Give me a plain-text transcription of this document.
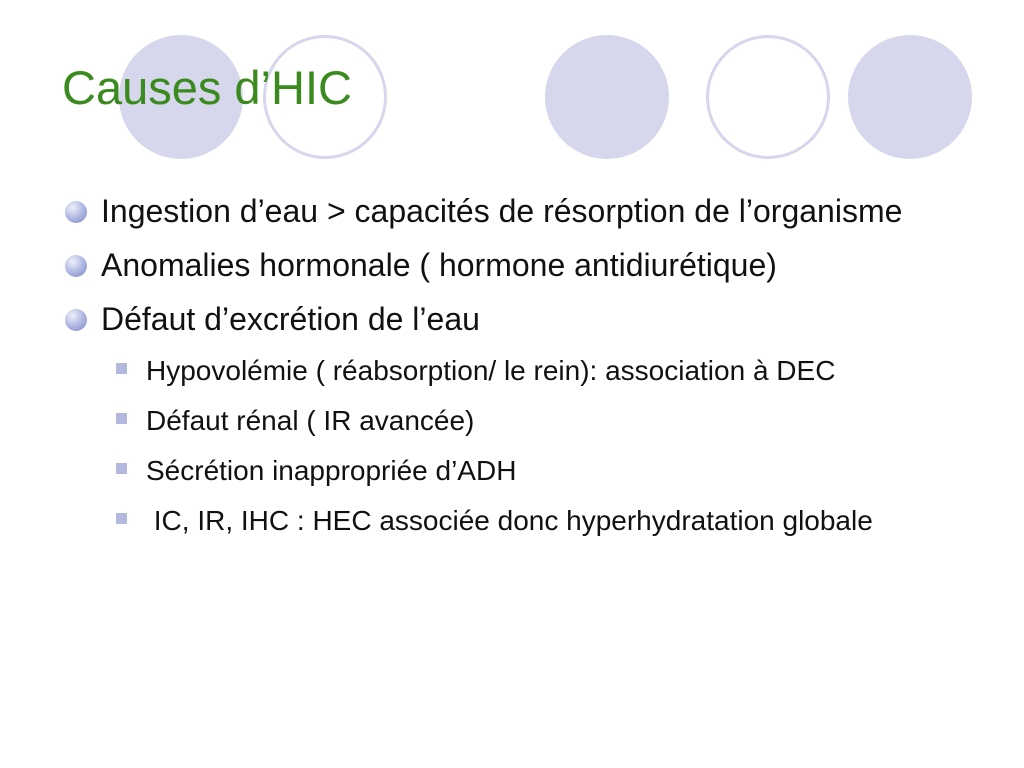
Causes d’HIC
Ingestion d’eau > capacités de résorption de l’organisme
Anomalies hormonale ( hormone antidiurétique)
Défaut d’excrétion de l’eau
Hypovolémie ( réabsorption/ le rein): association à DEC
Défaut rénal ( IR avancée)
Sécrétion inappropriée d’ADH
IC, IR, IHC : HEC associée donc hyperhydratation globale
